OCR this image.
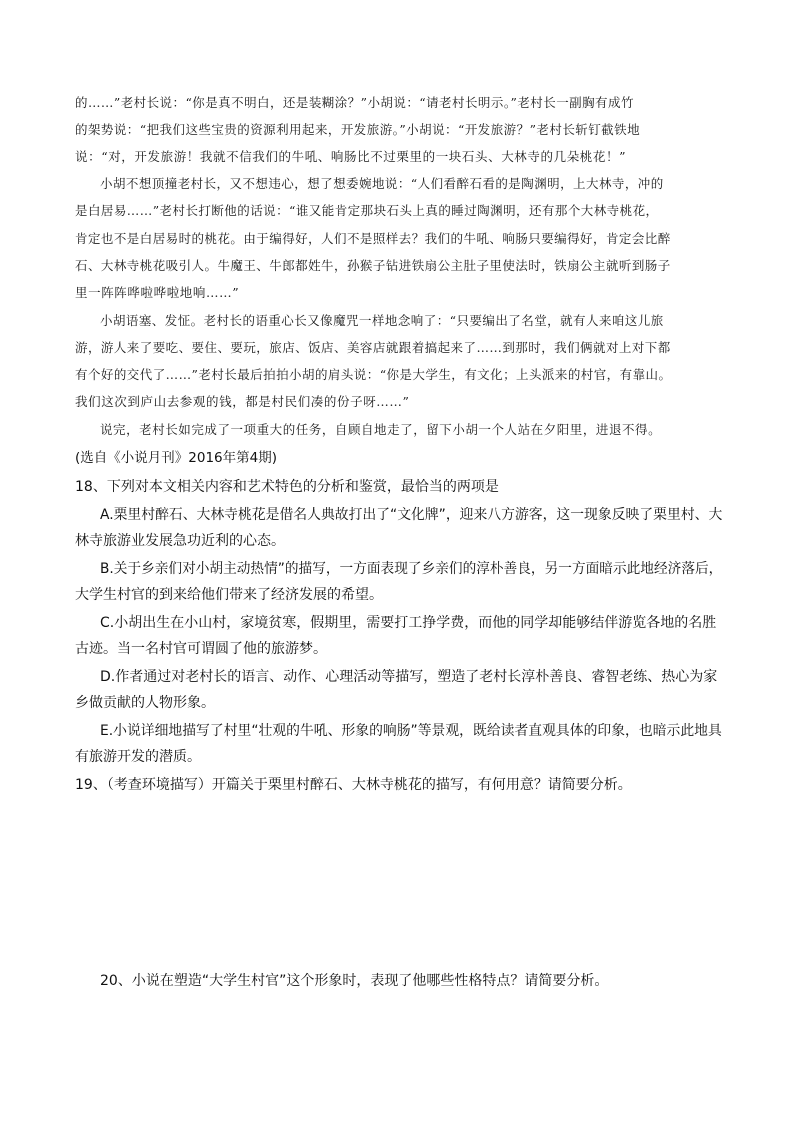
的……”老村长说：“你是真不明白，还是装糊涂？”小胡说：“请老村长明示。”老村长一副胸有成竹
的架势说：“把我们这些宝贵的资源利用起来，开发旅游。”小胡说：“开发旅游？”老村长斩钉截铁地
说：“对，开发旅游！我就不信我们的牛吼、响肠比不过栗里的一块石头、大林寺的几朵桃花！”
小胡不想顶撞老村长，又不想违心，想了想委婉地说：“人们看醉石看的是陶渊明，上大林寺，冲的
是白居易……”老村长打断他的话说：“谁又能肯定那块石头上真的睡过陶渊明，还有那个大林寺桃花，
肯定也不是白居易时的桃花。由于编得好，人们不是照样去？我们的牛吼、响肠只要编得好，肯定会比醉
石、大林寺桃花吸引人。牛魔王、牛郎都姓牛，孙猴子钻进铁扇公主肚子里使法时，铁扇公主就听到肠子
里一阵阵哗啦哗啦地响……”
小胡语塞、发怔。老村长的语重心长又像魔咒一样地念响了：“只要编出了名堂，就有人来咱这儿旅
游，游人来了要吃、要住、要玩，旅店、饭店、美容店就跟着搞起来了……到那时，我们俩就对上对下都
有个好的交代了……”老村长最后拍拍小胡的肩头说：“你是大学生，有文化；上头派来的村官，有靠山。
我们这次到庐山去参观的钱，都是村民们凑的份子呀……”
说完，老村长如完成了一项重大的任务，自顾自地走了，留下小胡一个人站在夕阳里，进退不得。
(选自《小说月刊》2016年第4期)
18、下列对本文相关内容和艺术特色的分析和鉴赏，最恰当的两项是
A.栗里村醉石、大林寺桃花是借名人典故打出了“文化牌”，迎来八方游客，这一现象反映了栗里村、大
林寺旅游业发展急功近利的心态。
B.关于乡亲们对小胡主动热情”的描写，一方面表现了乡亲们的淳朴善良，另一方面暗示此地经济落后，
大学生村官的到来给他们带来了经济发展的希望。
C.小胡出生在小山村，家境贫寒，假期里，需要打工挣学费，而他的同学却能够结伴游览各地的名胜
古迹。当一名村官可谓圆了他的旅游梦。
D.作者通过对老村长的语言、动作、心理活动等描写，塑造了老村长淳朴善良、睿智老练、热心为家
乡做贡献的人物形象。
E.小说详细地描写了村里“壮观的牛吼、形象的响肠”等景观，既给读者直观具体的印象，也暗示此地具
有旅游开发的潜质。
19、（考查环境描写）开篇关于栗里村醉石、大林寺桃花的描写，有何用意？请简要分析。
20、小说在塑造“大学生村官”这个形象时，表现了他哪些性格特点？请简要分析。
